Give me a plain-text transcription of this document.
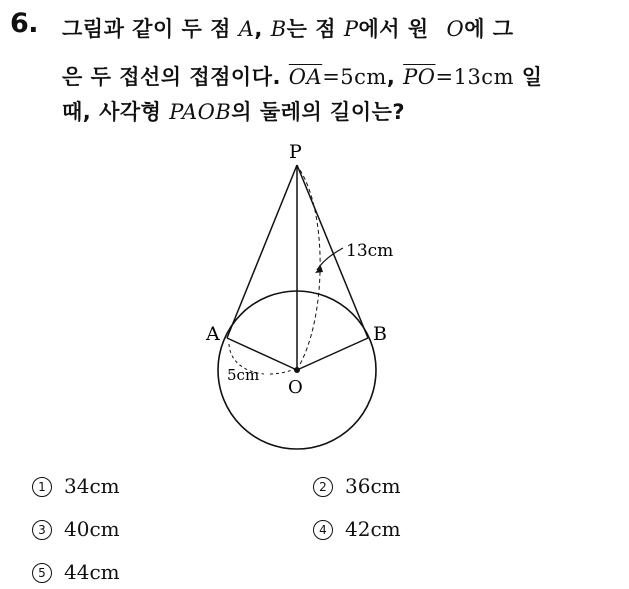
6. 그림과 같이 두 점 A, B는 점 P에서 원 O에 그
은 두 접선의 접점이다. $\overline{OA}=5cm$, $\overline{PO}=13cm$ 일
때, 사각형 PAOB의 둘레의 길이는?
P
A	B
O
13cm
5cm
1 34cm	2 36cm
3 40cm	4 42cm
5 44cm
